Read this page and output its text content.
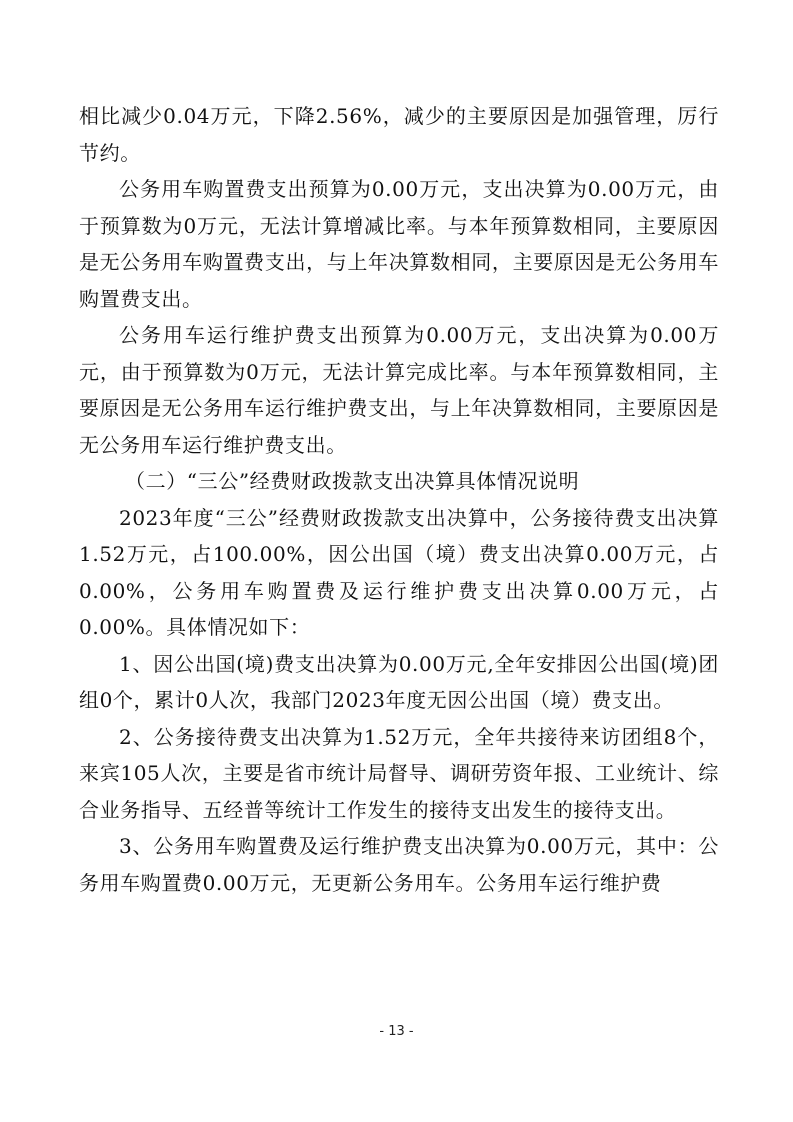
相比减少0.04万元，下降2.56%，减少的主要原因是加强管理，厉行节约。

公务用车购置费支出预算为0.00万元，支出决算为0.00万元，由于预算数为0万元，无法计算增减比率。与本年预算数相同，主要原因是无公务用车购置费支出，与上年决算数相同，主要原因是无公务用车购置费支出。

公务用车运行维护费支出预算为0.00万元，支出决算为0.00万元，由于预算数为0万元，无法计算完成比率。与本年预算数相同，主要原因是无公务用车运行维护费支出，与上年决算数相同，主要原因是无公务用车运行维护费支出。

（二）“三公”经费财政拨款支出决算具体情况说明

2023年度“三公”经费财政拨款支出决算中，公务接待费支出决算1.52万元，占100.00%，因公出国（境）费支出决算0.00万元，占0.00%，公务用车购置费及运行维护费支出决算0.00万元，占0.00%。具体情况如下：

1、因公出国(境)费支出决算为0.00万元,全年安排因公出国(境)团组0个，累计0人次，我部门2023年度无因公出国（境）费支出。

2、公务接待费支出决算为1.52万元，全年共接待来访团组8个，来宾105人次，主要是省市统计局督导、调研劳资年报、工业统计、综合业务指导、五经普等统计工作发生的接待支出发生的接待支出。

3、公务用车购置费及运行维护费支出决算为0.00万元，其中：公务用车购置费0.00万元，无更新公务用车。公务用车运行维护费

- 13 -
